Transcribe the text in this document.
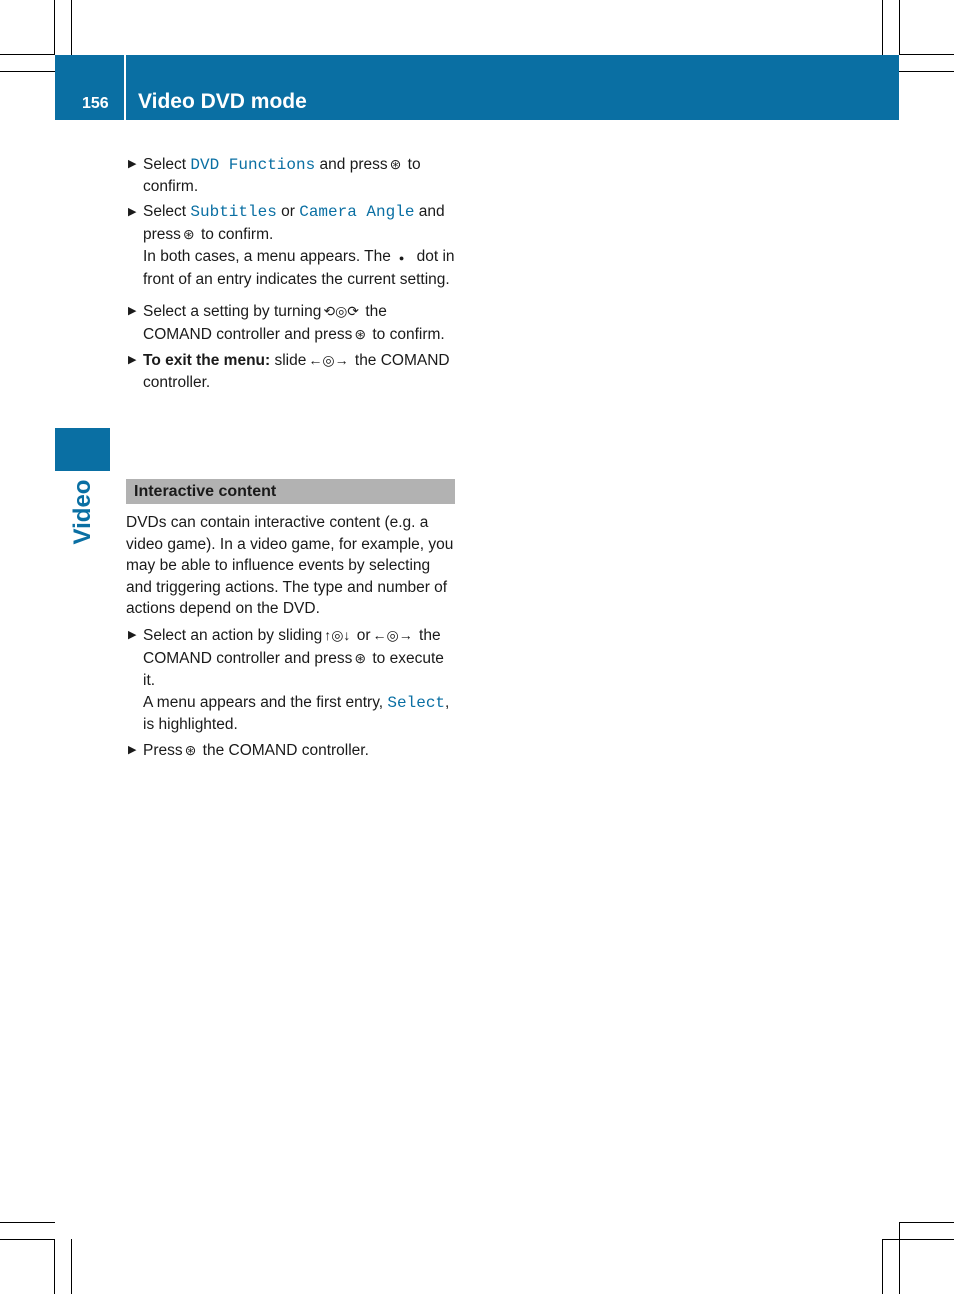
156 Video DVD mode
Video

▶ Select DVD Functions and press ⊛ to confirm.

▶ Select Subtitles or Camera Angle and press ⊛ to confirm.

In both cases, a menu appears. The ● dot in front of an entry indicates the current setting.

▶ Select a setting by turning ⟲◎⟳ the COMAND controller and press ⊛ to confirm.

▶ To exit the menu: slide ←◎→ the COMAND controller.

Interactive content
DVDs can contain interactive content (e.g. a video game). In a video game, for example, you may be able to influence events by selecting and triggering actions. The type and number of actions depend on the DVD.

▶ Select an action by sliding ↑◎↓ or ←◎→ the COMAND controller and press ⊛ to execute it.

A menu appears and the first entry, Select, is highlighted.

▶ Press ⊛ the COMAND controller.
